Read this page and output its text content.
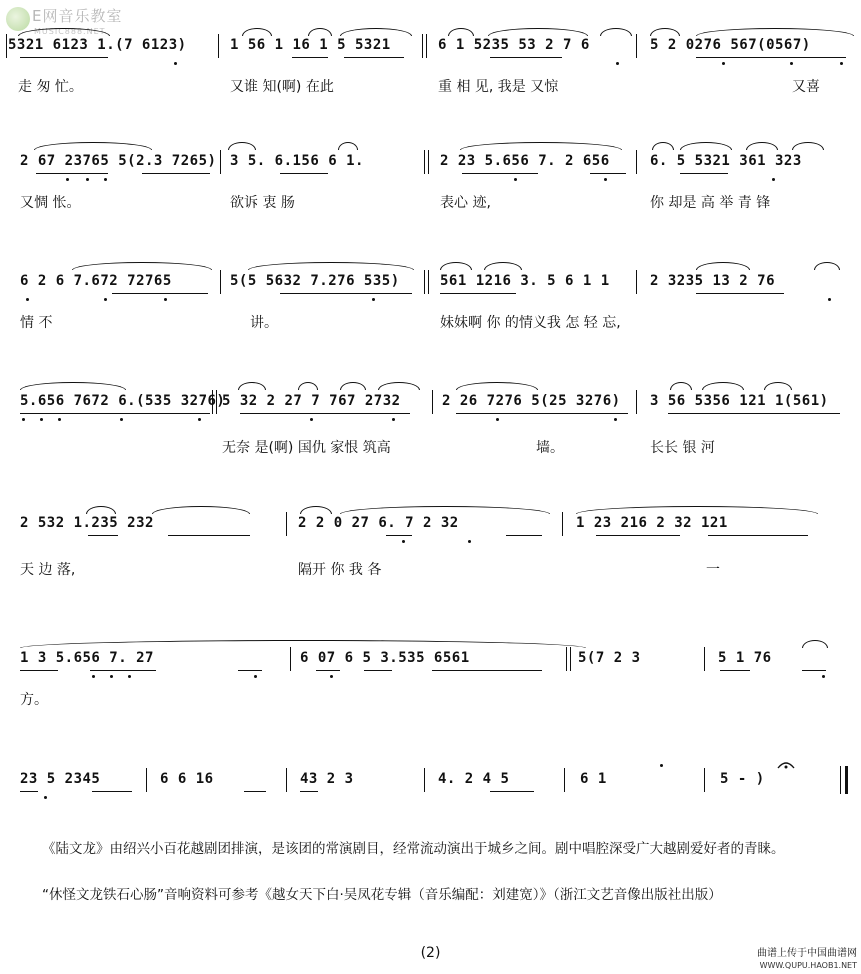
E网音乐教室
MUSIC888.NET
5321 6123 1.(7 6123)	1 56 1 16 1 5 5321	6 1 5235 53 2 7 6	5 2 0276 567(0567)
走 匆 忙。	又谁 知(啊) 在此	重 相 见, 我是 又惊	又喜
2 67 23765 5(2.3 7265) 3 5. 6.156 6 1.	2 23 5.656 7. 2 656	6. 5 5321 361 323
又惆 怅。	欲诉 衷 肠	表心 迹,	你 却是 高 举 青 锋
6 2 6 7.672 72765	5(5 5632 7.276 535)	561 1216 3. 5 6 1 1	2 3235 13 2 76
情 不	讲。	妹妹啊 你 的情义我 怎 轻 忘,
5.656 7672 6.(535 3276)
5 32 2 27 7 767 2732	2 26 7276 5(25 3276) 3 56 5356 121 1(561)
无奈 是(啊) 国仇 家恨 筑高	墙。	长长 银 河
2 532 1.235 232	2 2 0 27 6. 7 2 32	1 23 216 2 32 121
天 边 落,	隔开 你 我 各	一
1 3 5.656 7. 27	6 07 6 5 3.535 6561	5(7 2 3	5 1 76
方。
23 5 2345	6 6 16	43 2 3	4. 2 4 5	6 1	5 - )
《陆文龙》由绍兴小百花越剧团排演，是该团的常演剧目，经常流动演出于城乡之间。剧中唱腔深受广大越剧爱好者的青睐。
“休怪文龙铁石心肠”音响资料可参考《越女天下白·吴凤花专辑（音乐编配：刘建宽）》（浙江文艺音像出版社出版）
(2)	曲谱上传于中国曲谱网
WWW.QUPU.HAOB1.NET
